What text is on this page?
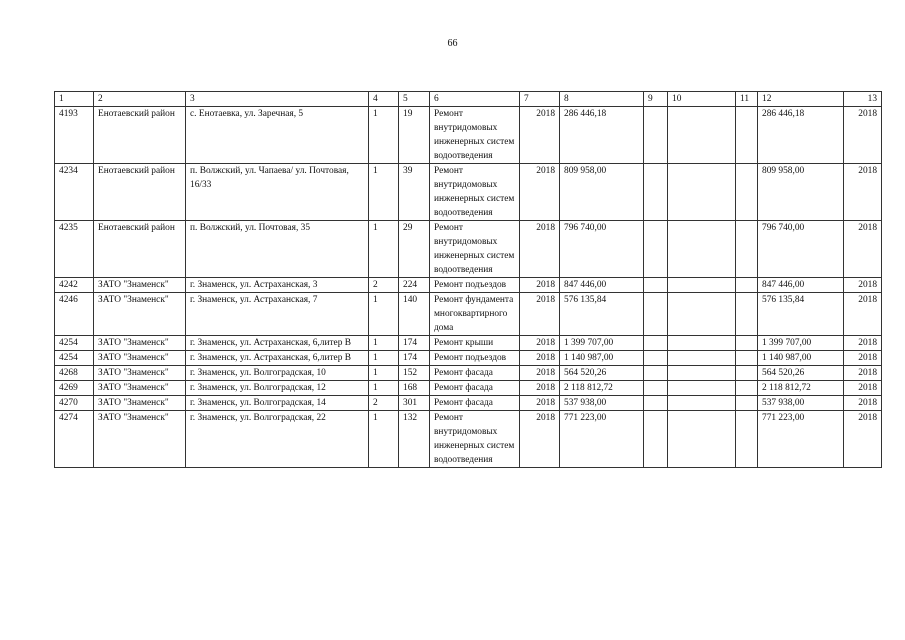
66
1	2	3	4	5	6	7	8	9	10	11	12	13
4193	Енотаевский район	с. Енотаевка, ул. Заречная, 5	1	19	Ремонт внутридомовых инженерных систем водоотведения	2018	286 446,18				286 446,18	2018
4234	Енотаевский район	п. Волжский, ул. Чапаева/ ул. Почтовая, 16/33	1	39	Ремонт внутридомовых инженерных систем водоотведения	2018	809 958,00				809 958,00	2018
4235	Енотаевский район	п. Волжский, ул. Почтовая, 35	1	29	Ремонт внутридомовых инженерных систем водоотведения	2018	796 740,00				796 740,00	2018
4242	ЗАТО "Знаменск"	г. Знаменск, ул. Астраханская, 3	2	224	Ремонт подъездов	2018	847 446,00				847 446,00	2018
4246	ЗАТО "Знаменск"	г. Знаменск, ул. Астраханская, 7	1	140	Ремонт фундамента многоквартирного дома	2018	576 135,84				576 135,84	2018
4254	ЗАТО "Знаменск"	г. Знаменск, ул. Астраханская, 6,литер В	1	174	Ремонт крыши	2018	1 399 707,00				1 399 707,00	2018
4254	ЗАТО "Знаменск"	г. Знаменск, ул. Астраханская, 6,литер В	1	174	Ремонт подъездов	2018	1 140 987,00				1 140 987,00	2018
4268	ЗАТО "Знаменск"	г. Знаменск, ул. Волгоградская, 10	1	152	Ремонт фасада	2018	564 520,26				564 520,26	2018
4269	ЗАТО "Знаменск"	г. Знаменск, ул. Волгоградская, 12	1	168	Ремонт фасада	2018	2 118 812,72				2 118 812,72	2018
4270	ЗАТО "Знаменск"	г. Знаменск, ул. Волгоградская, 14	2	301	Ремонт фасада	2018	537 938,00				537 938,00	2018
4274	ЗАТО "Знаменск"	г. Знаменск, ул. Волгоградская, 22	1	132	Ремонт внутридомовых инженерных систем водоотведения	2018	771 223,00				771 223,00	2018
